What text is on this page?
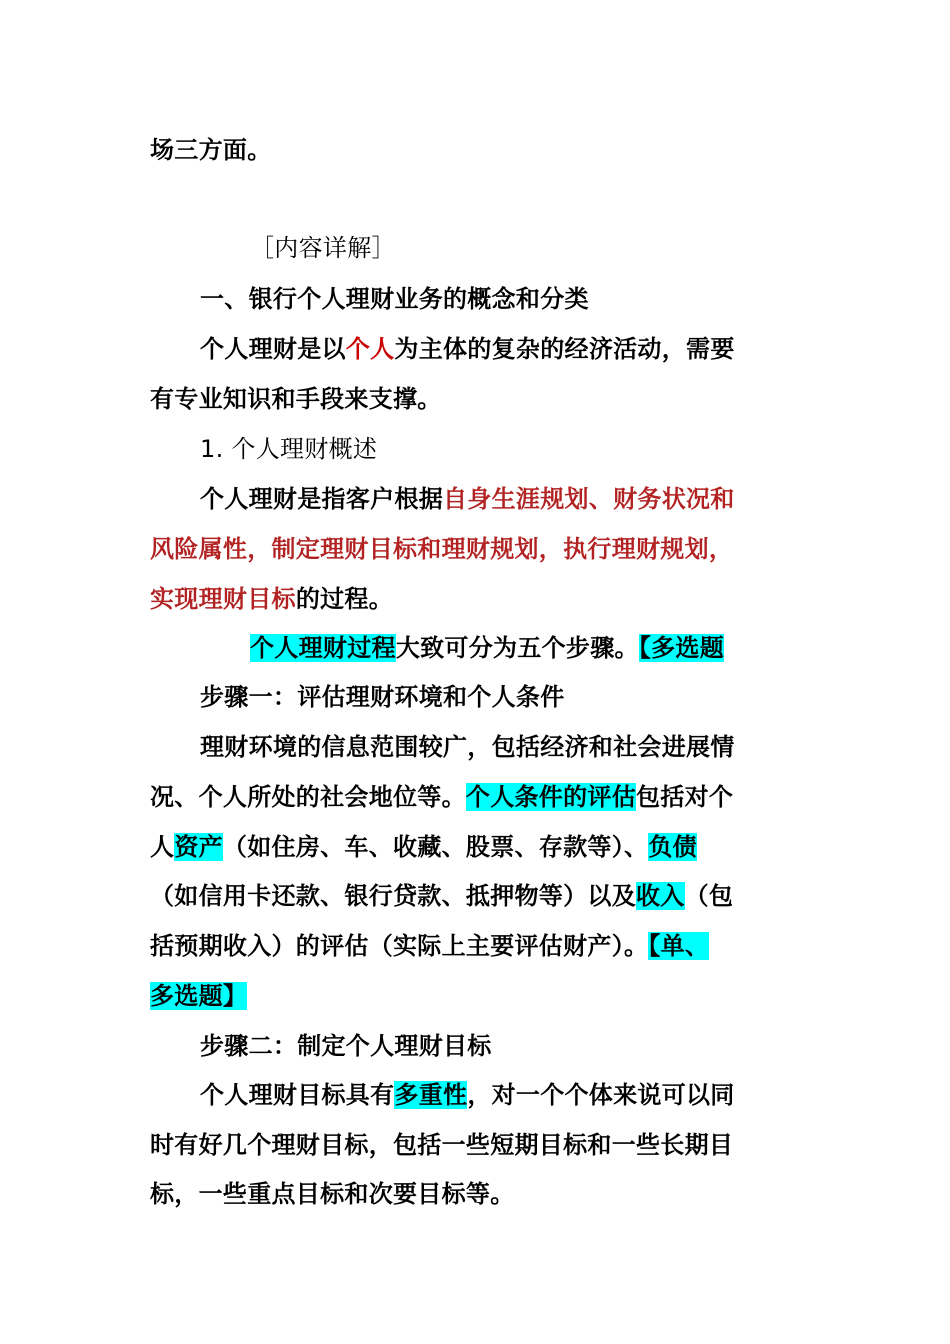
场三方面。
［内容详解］
一、银行个人理财业务的概念和分类
个人理财是以个人为主体的复杂的经济活动，需要
有专业知识和手段来支撑。
1. 个人理财概述
个人理财是指客户根据自身生涯规划、财务状况和
风险属性，制定理财目标和理财规划，执行理财规划，
实现理财目标的过程。
个人理财过程大致可分为五个步骤。【多选题
步骤一：评估理财环境和个人条件
理财环境的信息范围较广，包括经济和社会进展情
况、个人所处的社会地位等。个人条件的评估包括对个
人资产（如住房、车、收藏、股票、存款等）、负债
（如信用卡还款、银行贷款、抵押物等）以及收入（包
括预期收入）的评估（实际上主要评估财产）。【单、
多选题】
步骤二：制定个人理财目标
个人理财目标具有多重性，对一个个体来说可以同
时有好几个理财目标，包括一些短期目标和一些长期目
标，一些重点目标和次要目标等。
